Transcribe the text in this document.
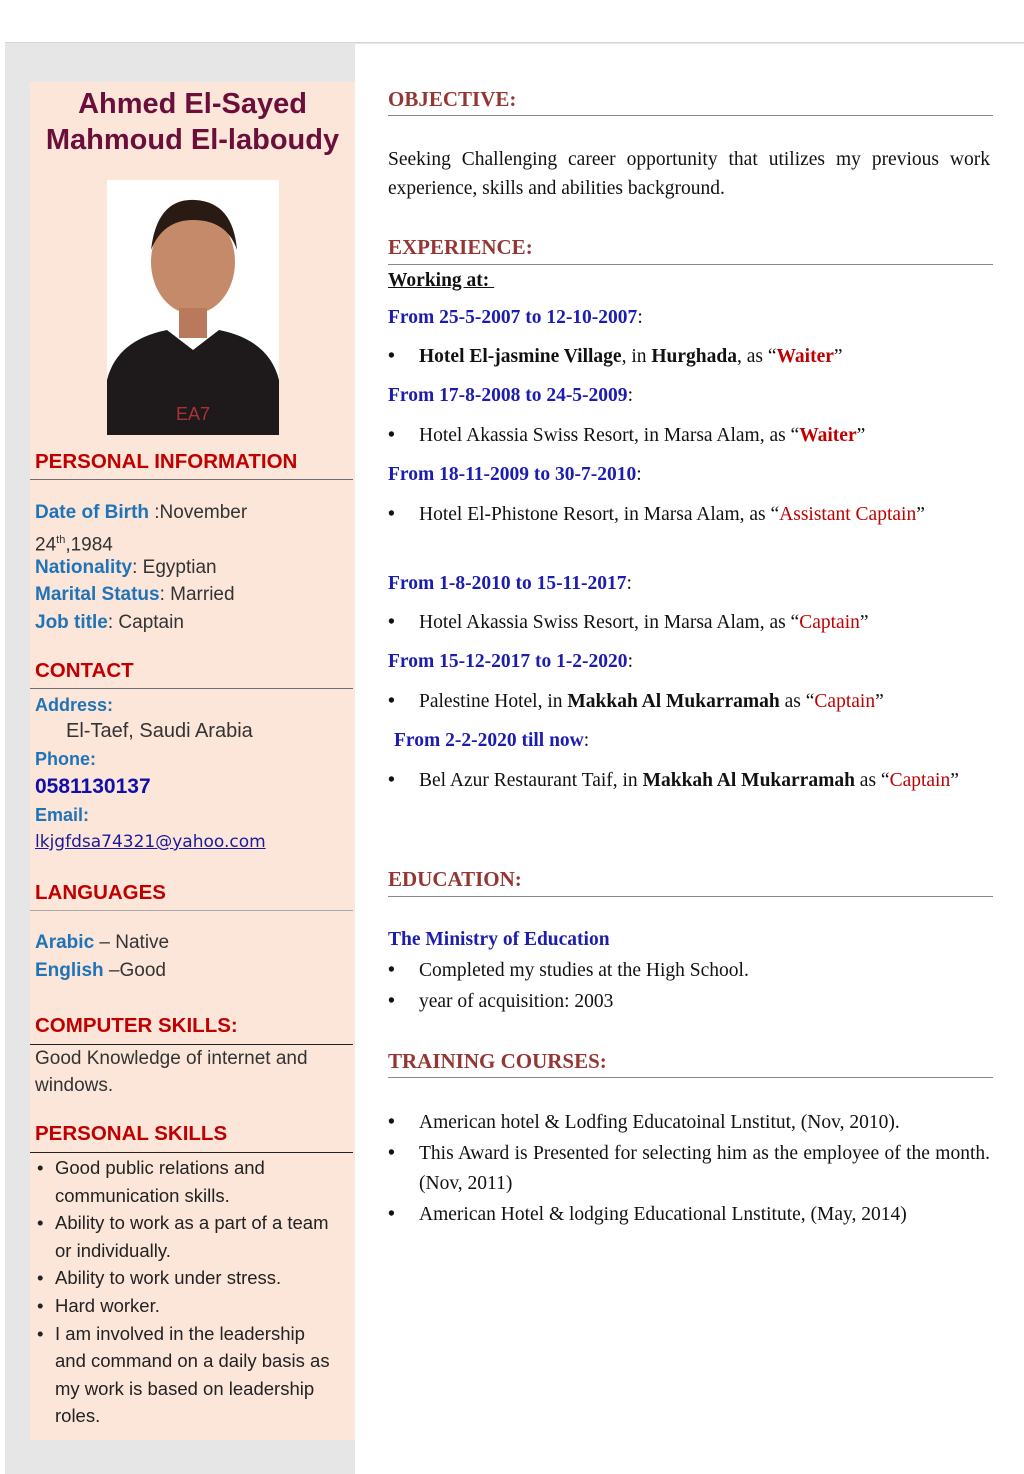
Ahmed El-Sayed
Mahmoud El-laboudy
EA7
PERSONAL INFORMATION
Date of Birth :November
24th,1984
Nationality: Egyptian
Marital Status: Married
Job title: Captain
CONTACT
Address:
El-Taef, Saudi Arabia
Phone:
0581130137
Email:
lkjgfdsa74321@yahoo.com
LANGUAGES
Arabic – Native
English –Good
COMPUTER SKILLS:
Good Knowledge of internet and
windows.
PERSONAL SKILLS
• Good public relations and communication skills.
• Ability to work as a part of a team or individually.
• Ability to work under stress.
• Hard worker.
• I am involved in the leadership and command on a daily basis as my work is based on leadership roles.
OBJECTIVE:
Seeking Challenging career opportunity that utilizes my previous work experience, skills and abilities background.
EXPERIENCE:
Working at:
From 25-5-2007 to 12-10-2007:
• Hotel El-jasmine Village, in Hurghada, as “Waiter”
From 17-8-2008 to 24-5-2009:
• Hotel Akassia Swiss Resort, in Marsa Alam, as “Waiter”
From 18-11-2009 to 30-7-2010:
• Hotel El-Phistone Resort, in Marsa Alam, as “Assistant Captain”
From 1-8-2010 to 15-11-2017:
• Hotel Akassia Swiss Resort, in Marsa Alam, as “Captain”
From 15-12-2017 to 1-2-2020:
• Palestine Hotel, in Makkah Al Mukarramah as “Captain”
From 2-2-2020 till now:
• Bel Azur Restaurant Taif, in Makkah Al Mukarramah as “Captain”
EDUCATION:
The Ministry of Education
• Completed my studies at the High School.
• year of acquisition: 2003
TRAINING COURSES:
• American hotel & Lodfing Educatoinal Lnstitut, (Nov, 2010).
• This Award is Presented for selecting him as the employee of the month. (Nov, 2011)
• American Hotel & lodging Educational Lnstitute, (May, 2014)
